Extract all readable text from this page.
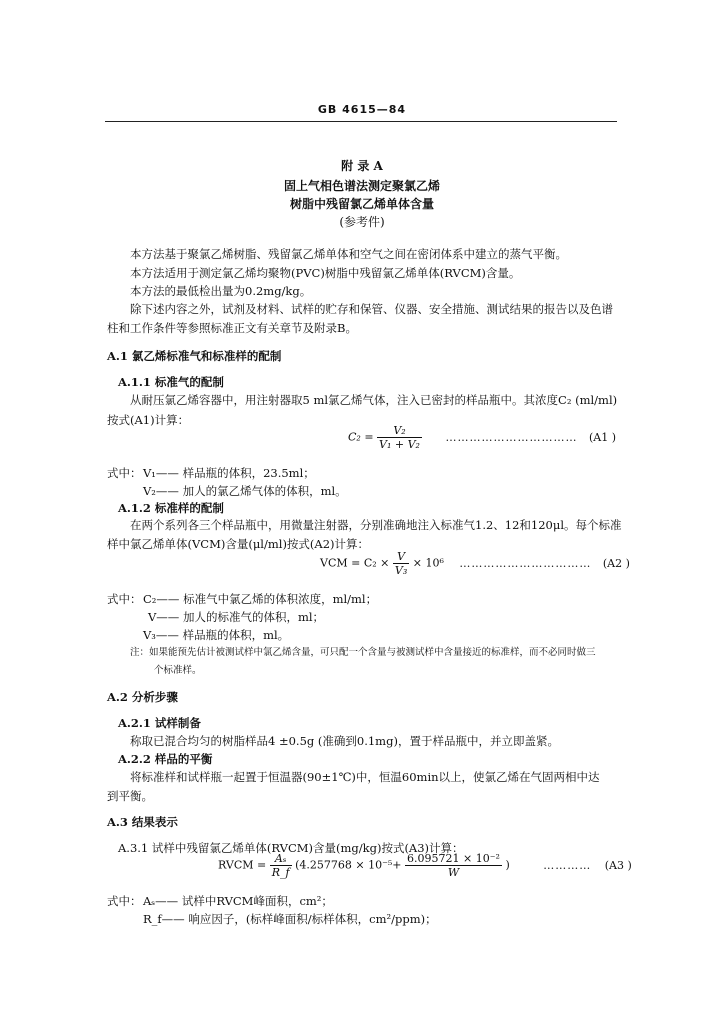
GB 4615—84
附 录 A
固上气相色谱法测定聚氯乙烯
树脂中残留氯乙烯单体含量
(参考件)
本方法基于聚氯乙烯树脂、残留氯乙烯单体和空气之间在密闭体系中建立的蒸气平衡。
本方法适用于测定氯乙烯均聚物(PVC)树脂中残留氯乙烯单体(RVCM)含量。
本方法的最低检出量为0.2mg/kg。
除下述内容之外，试剂及材料、试样的贮存和保管、仪器、安全措施、测试结果的报告以及色谱
柱和工作条件等参照标准正文有关章节及附录B。
A.1 氯乙烯标准气和标准样的配制
A.1.1 标准气的配制
从耐压氯乙烯容器中，用注射器取5 ml氯乙烯气体，注入已密封的样品瓶中。其浓度C₂ (ml/ml)
按式(A1)计算：
$C_2 = \frac{\text{V₂}}{\text{V₁ + V₂}}$ …………………………… (A1 )
式中： V₁—— 样品瓶的体积，23.5ml；
V₂—— 加人的氯乙烯气体的体积，ml。
A.1.2 标准样的配制
在两个系列各三个样品瓶中，用微量注射器，分别准确地注入标准气1.2、12和120μl。每个标准
样中氯乙烯单体(VCM)含量(μl/ml)按式(A2)计算：
VCM = $C_2 \times \frac{V}{\text{V₃}} \times 10^6$ …………………………… (A2 )
式中： C₂—— 标准气中氯乙烯的体积浓度，ml/ml；
V—— 加人的标准气的体积，ml；
V₃—— 样品瓶的体积，ml。
注：如果能预先估计被测试样中氯乙烯含量，可只配一个含量与被测试样中含量接近的标准样，而不必同时做三
个标准样。
A.2 分析步骤
A.2.1 试样制备
称取已混合均匀的树脂样品4 ±0.5g (准确到0.1mg)，置于样品瓶中，并立即盖紧。
A.2.2 样品的平衡
将标准样和试样瓶一起置于恒温器(90±1℃)中，恒温60min以上，使氯乙烯在气固两相中达
到平衡。
A.3 结果表示
A.3.1 试样中残留氯乙烯单体(RVCM)含量(mg/kg)按式(A3)计算：
RVCM = $\frac{\text{Aₛ}}{R\_f} (4.257768 \times 10^{-5}+ \frac{\text{6.095721 × 10⁻²}}{W}$ )	………… (A3 )
式中： Aₛ—— 试样中RVCM峰面积，cm²；
R_f—— 响应因子，(标样峰面积/标样体积，cm²/ppm)；
